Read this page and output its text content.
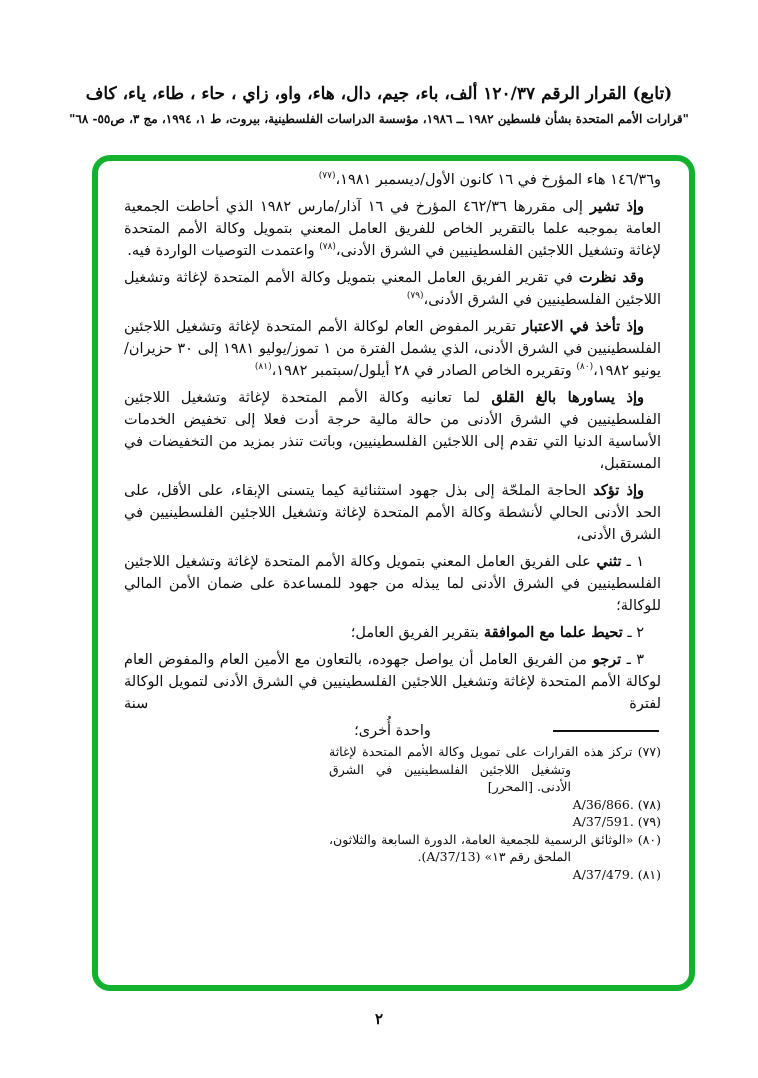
(تابع) القرار الرقم ١٢٠/٣٧ ألف، باء، جيم، دال، هاء، واو، زاي ، حاء ، طاء، ياء، كاف
"قرارات الأمم المتحدة بشأن فلسطين ١٩٨٢ ــ ١٩٨٦، مؤسسة الدراسات الفلسطينية، بيروت، ط ١، ١٩٩٤، مج ٣، ص٥٥- ٦٨"

و١٤٦/٣٦ هاء المؤرخ في ١٦ كانون الأول/ديسمبر ١٩٨١،$^{(٧٧)}$

وإذ تشير إلى مقررها ٤٦٢/٣٦ المؤرخ في ١٦ آذار/مارس ١٩٨٢ الذي أحاطت الجمعية العامة بموجبه علما بالتقرير الخاص للفريق العامل المعني بتمويل وكالة الأمم المتحدة لإغاثة وتشغيل اللاجئين الفلسطينيين في الشرق الأدنى،$^{(٧٨)}$ واعتمدت التوصيات الواردة فيه.

وقد نظرت في تقرير الفريق العامل المعني بتمويل وكالة الأمم المتحدة لإغاثة وتشغيل اللاجئين الفلسطينيين في الشرق الأدنى،$^{(٧٩)}$

وإذ تأخذ في الاعتبار تقرير المفوض العام لوكالة الأمم المتحدة لإغاثة وتشغيل اللاجئين الفلسطينيين في الشرق الأدنى، الذي يشمل الفترة من ١ تموز/يوليو ١٩٨١ إلى ٣٠ حزيران/يونيو ١٩٨٢،$^{(٨٠)}$ وتقريره الخاص الصادر في ٢٨ أيلول/سبتمبر ١٩٨٢،$^{(٨١)}$

وإذ يساورها بالغ القلق لما تعانيه وكالة الأمم المتحدة لإغاثة وتشغيل اللاجئين الفلسطينيين في الشرق الأدنى من حالة مالية حرجة أدت فعلا إلى تخفيض الخدمات الأساسية الدنيا التي تقدم إلى اللاجئين الفلسطينيين، وباتت تنذر بمزيد من التخفيضات في المستقبل،

وإذ تؤكد الحاجة الملحّة إلى بذل جهود استثنائية كيما يتسنى الإبقاء، على الأقل، على الحد الأدنى الحالي لأنشطة وكالة الأمم المتحدة لإغاثة وتشغيل اللاجئين الفلسطينيين في الشرق الأدنى،

١ ـ تثني على الفريق العامل المعني بتمويل وكالة الأمم المتحدة لإغاثة وتشغيل اللاجئين الفلسطينيين في الشرق الأدنى لما يبذله من جهود للمساعدة على ضمان الأمن المالي للوكالة؛

٢ ـ تحيط علما مع الموافقة بتقرير الفريق العامل؛

٣ ـ ترجو من الفريق العامل أن يواصل جهوده، بالتعاون مع الأمين العام والمفوض العام لوكالة الأمم المتحدة لإغاثة وتشغيل اللاجئين الفلسطينيين في الشرق الأدنى لتمويل الوكالة لفترة سنة

واحدة أُخرى؛

(٧٧) تركز هذه القرارات على تمويل وكالة الأمم المتحدة لإغاثة وتشغيل اللاجئين الفلسطينيين في الشرق الأدنى. [المحرر]

(٧٨) A/36/866.

(٧٩) A/37/591.

(٨٠) «الوثائق الرسمية للجمعية العامة، الدورة السابعة والثلاثون، الملحق رقم ١٣» (A/37/13).

(٨١) A/37/479.

٢
